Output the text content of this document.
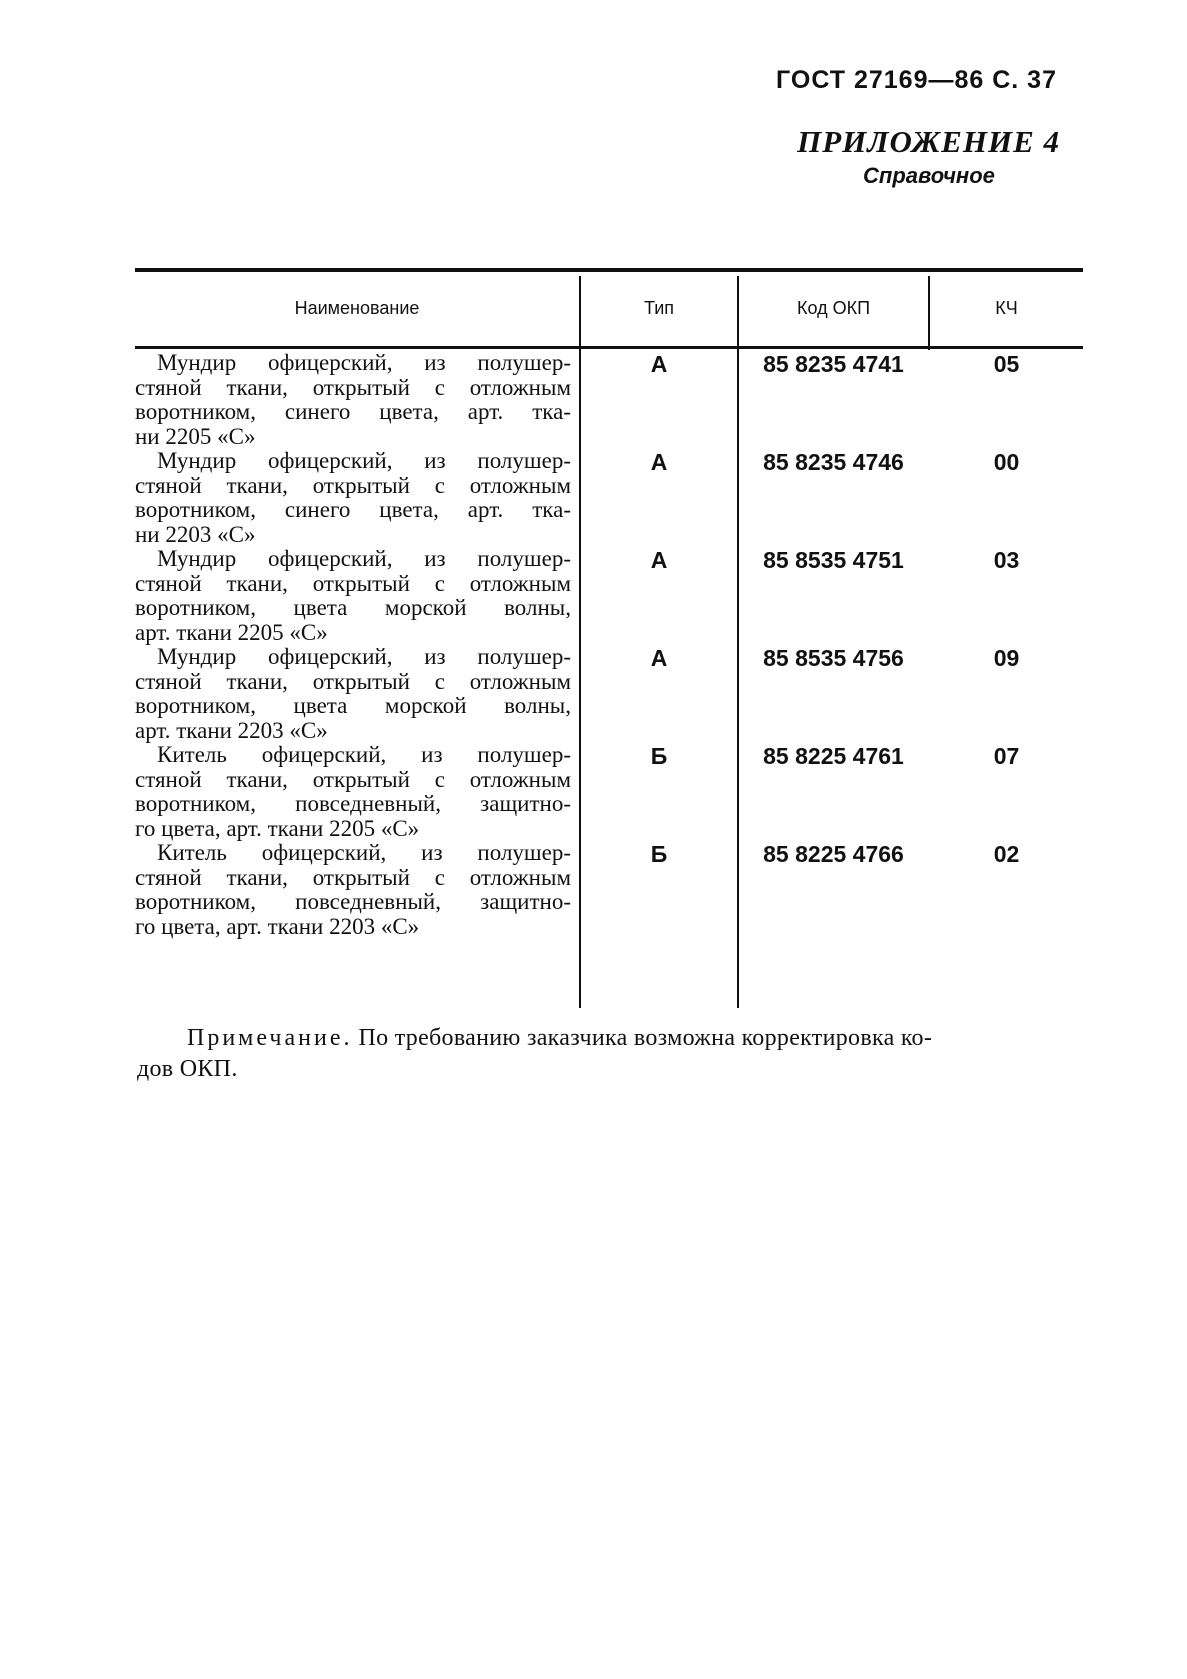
ГОСТ 27169—86 С. 37
ПРИЛОЖЕНИЕ 4
Справочное
Наименование	Тип	Код ОКП	КЧ
Мундир офицерский, из полушер-
стяной ткани, открытый с отложным
воротником, синего цвета, арт. тка-
ни 2205 «С»
А	85 8235 4741	05
Мундир офицерский, из полушер-
стяной ткани, открытый с отложным
воротником, синего цвета, арт. тка-
ни 2203 «С»
А	85 8235 4746	00
Мундир офицерский, из полушер-
стяной ткани, открытый с отложным
воротником, цвета морской волны,
арт. ткани 2205 «С»
А	85 8535 4751	03
Мундир офицерский, из полушер-
стяной ткани, открытый с отложным
воротником, цвета морской волны,
арт. ткани 2203 «С»
А	85 8535 4756	09
Китель офицерский, из полушер-
стяной ткани, открытый с отложным
воротником, повседневный, защитно-
го цвета, арт. ткани 2205 «С»
Б	85 8225 4761	07
Китель офицерский, из полушер-
стяной ткани, открытый с отложным
воротником, повседневный, защитно-
го цвета, арт. ткани 2203 «С»
Б	85 8225 4766	02
Примечание. По требованию заказчика возможна корректировка ко-
дов ОКП.
